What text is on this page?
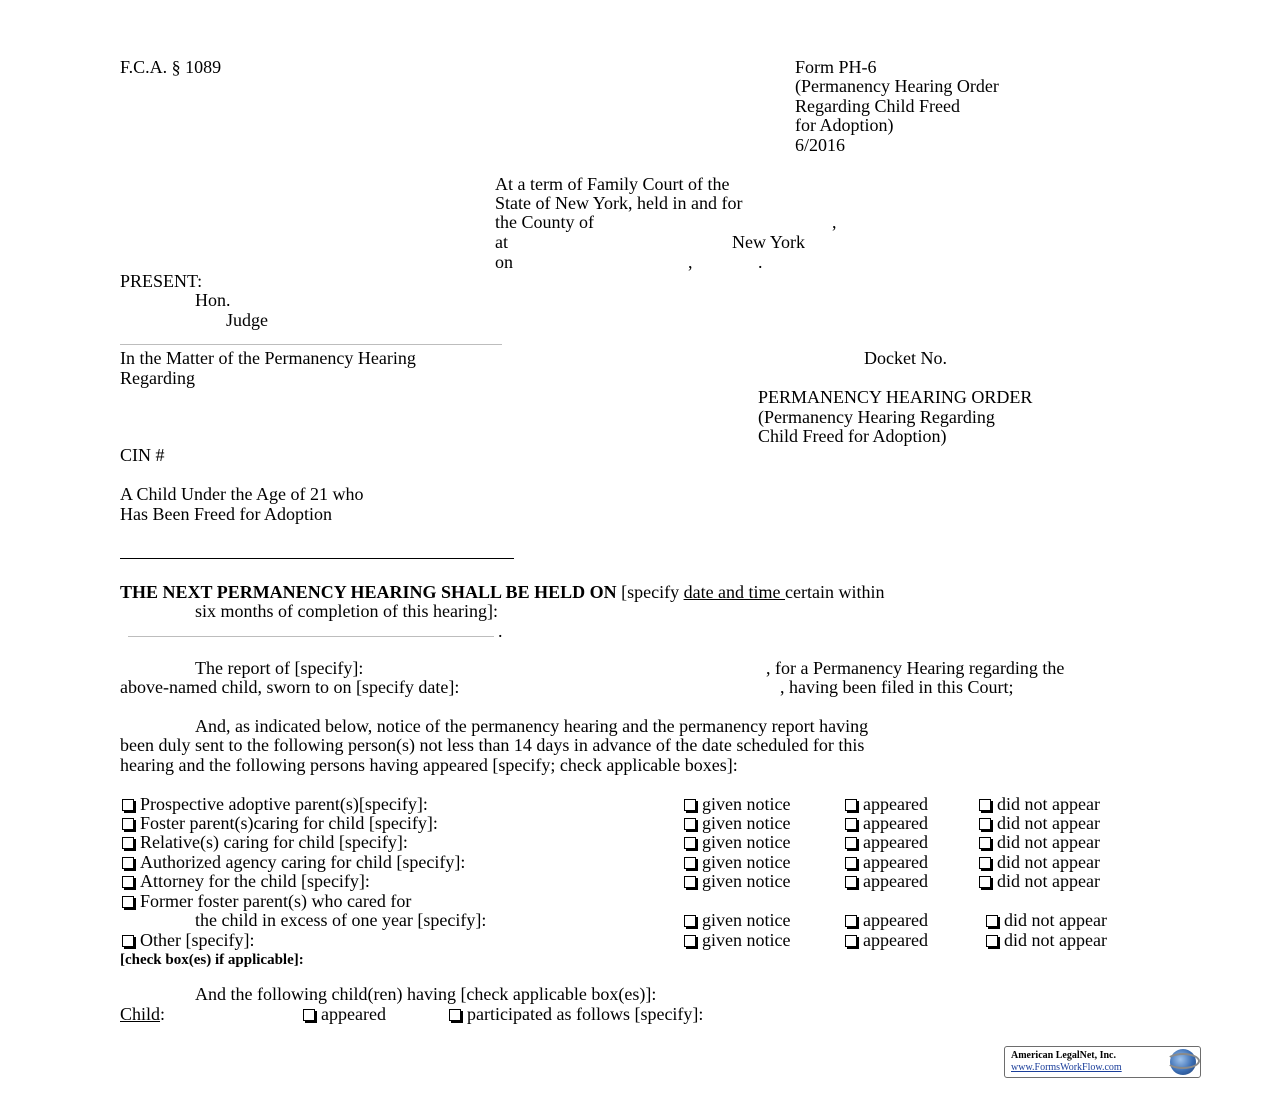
F.C.A. § 1089	Form PH-6
(Permanency Hearing Order
Regarding Child Freed
for Adoption)
6/2016
At a term of Family Court of the
State of New York, held in and for
the County of	,
at	New York
on	,	.
PRESENT:
Hon.
Judge
In the Matter of the Permanency Hearing
Regarding
Docket No.
PERMANENCY HEARING ORDER
(Permanency Hearing Regarding
Child Freed for Adoption)
CIN #
A Child Under the Age of 21 who
Has Been Freed for Adoption
THE NEXT PERMANENCY HEARING SHALL BE HELD ON [specify date and time certain within
six months of completion of this hearing]:
.
The report of [specify]:	, for a Permanency Hearing regarding the
above-named child, sworn to on [specify date]:	, having been filed in this Court;
And, as indicated below, notice of the permanency hearing and the permanency report having
been duly sent to the following person(s) not less than 14 days in advance of the date scheduled for this
hearing and the following persons having appeared [specify; check applicable boxes]:
Prospective adoptive parent(s)[specify]:	given notice	appeared	did not appear
Foster parent(s)caring for child [specify]:	given notice	appeared	did not appear
Relative(s) caring for child [specify]:	given notice	appeared	did not appear
Authorized agency caring for child [specify]:	given notice	appeared	did not appear
Attorney for the child [specify]:	given notice	appeared	did not appear
Former foster parent(s) who cared for
the child in excess of one year [specify]:	given notice	appeared	did not appear
Other [specify]:	given notice	appeared	did not appear
[check box(es) if applicable]:
And the following child(ren) having [check applicable box(es)]:
Child:	appeared	participated as follows [specify]:
American LegalNet, Inc.
www.FormsWorkFlow.com
